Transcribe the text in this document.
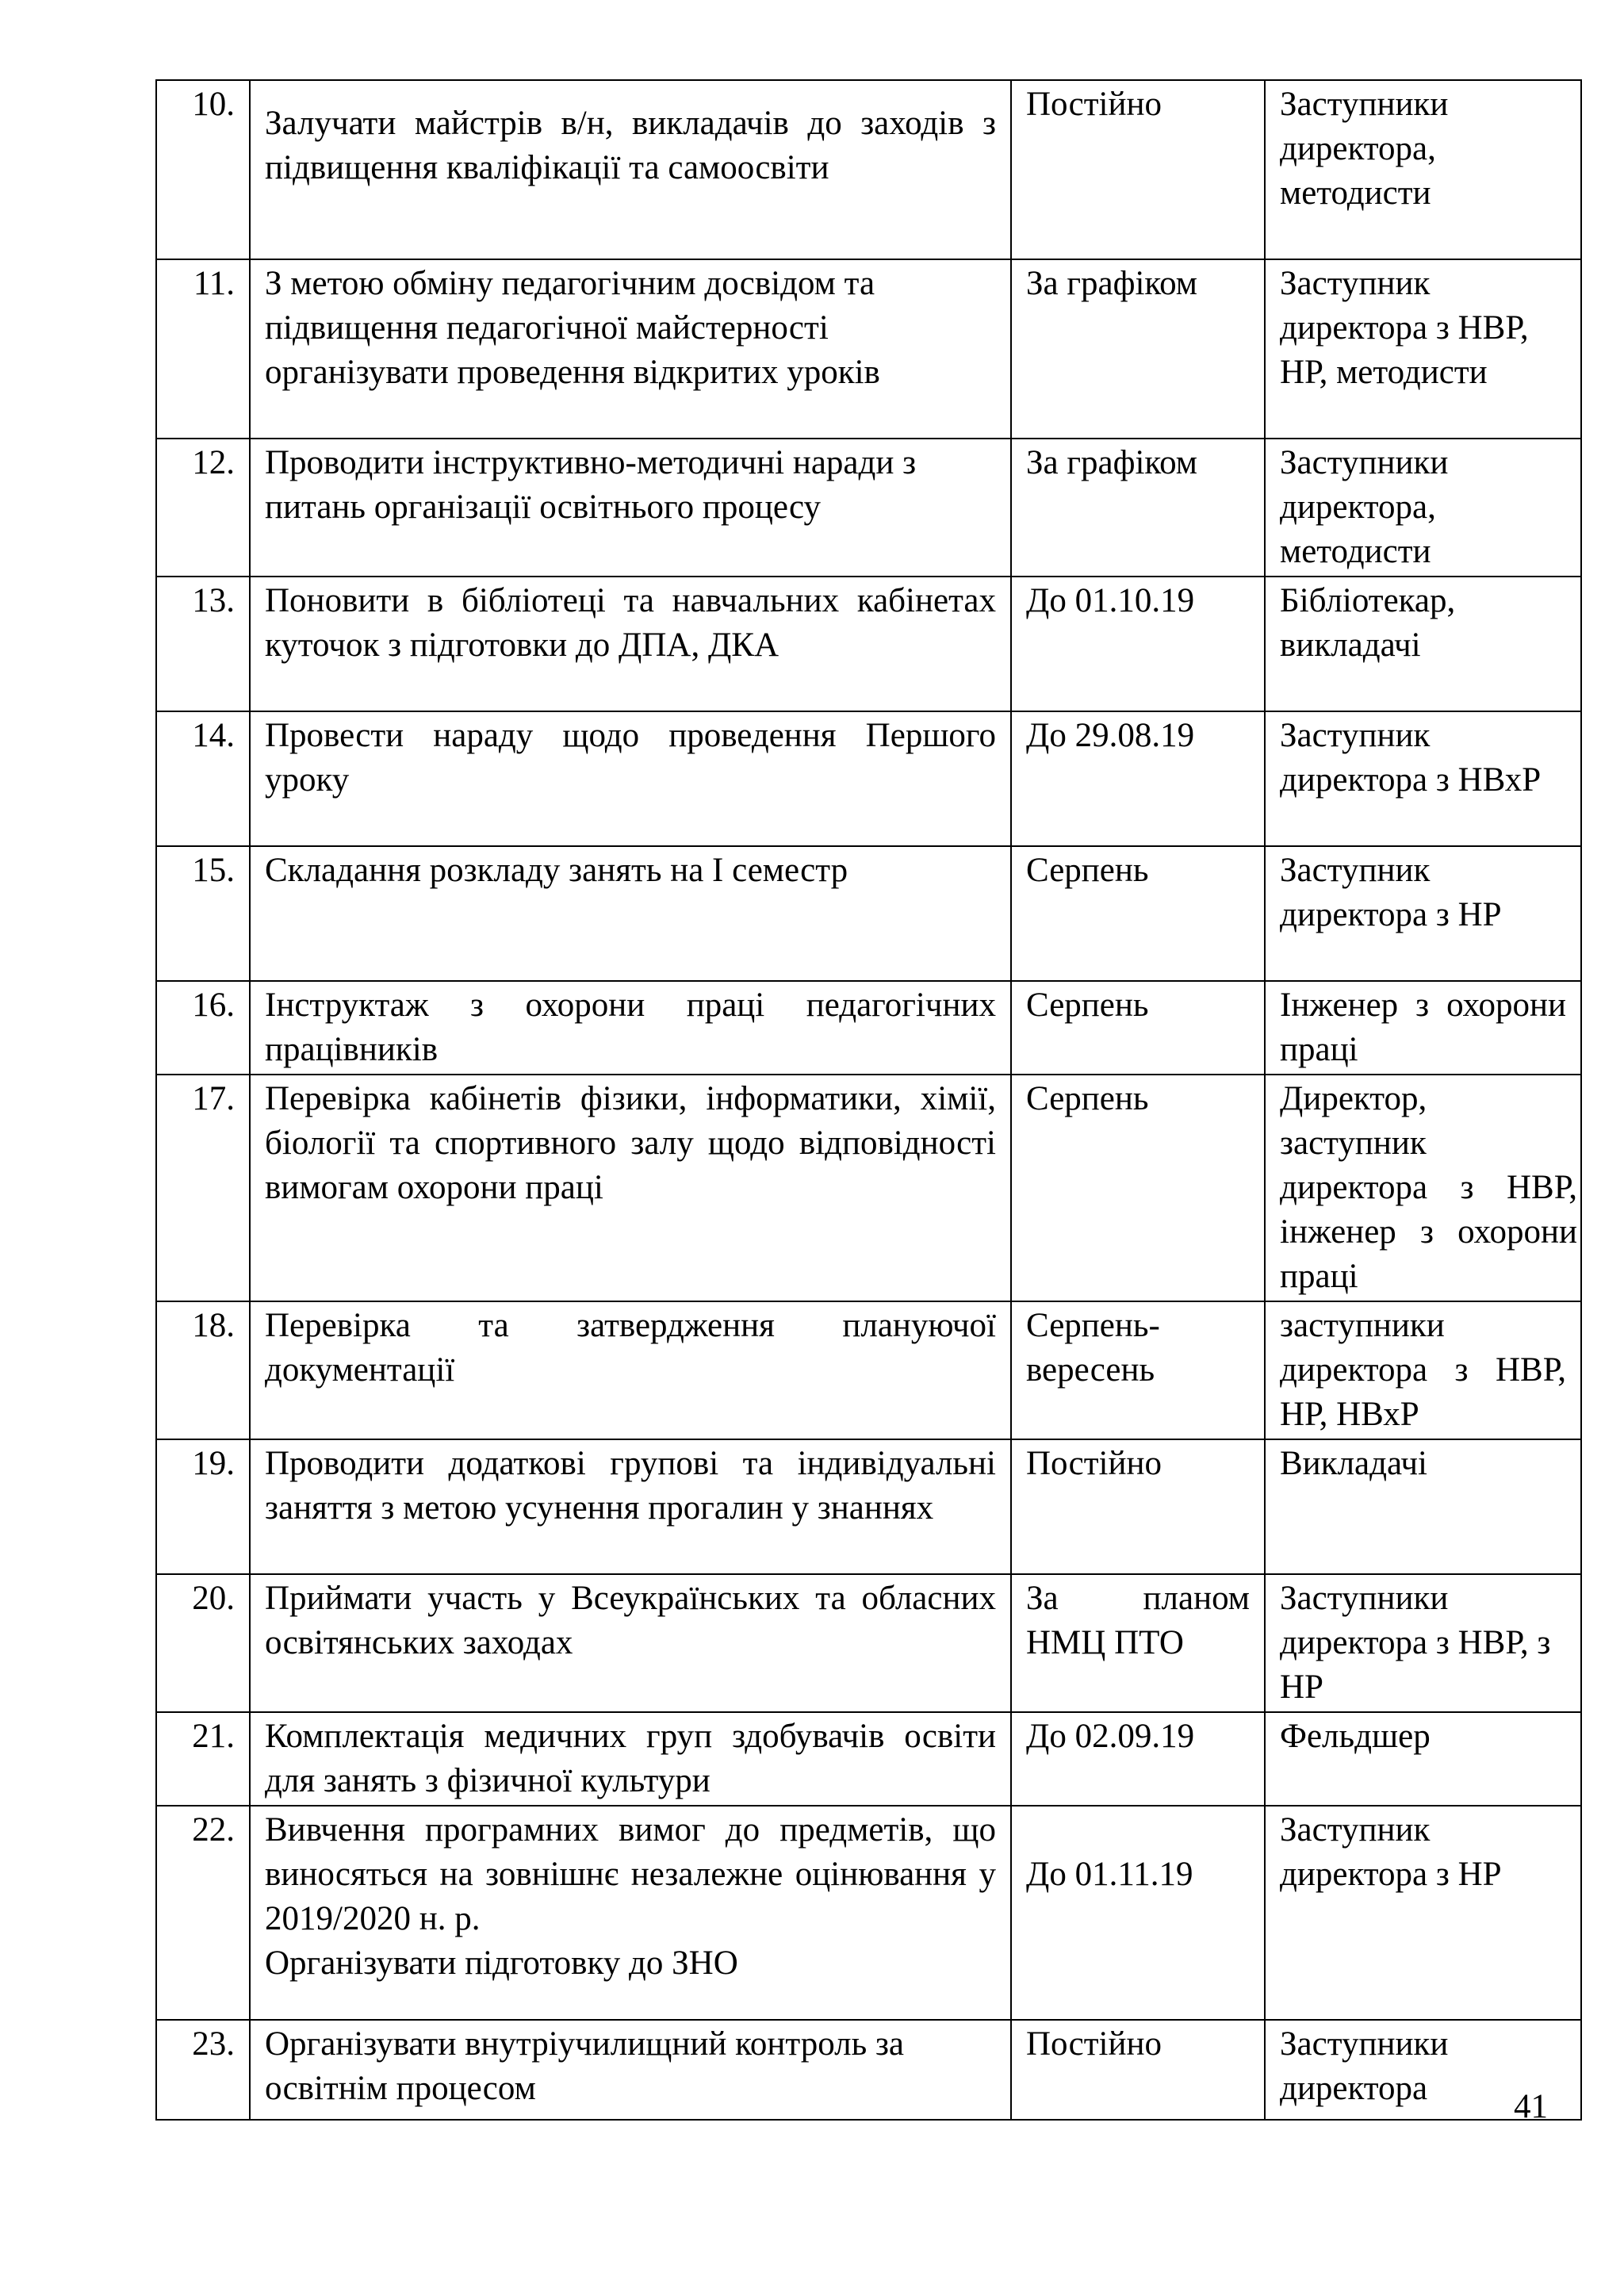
10.	Залучати майстрів в/н, викладачів до заходів з підвищення кваліфікації та самоосвіти	Постійно	Заступники директора, методисти
11.	З метою обміну педагогічним досвідом та підвищення педагогічної майстерності організувати проведення відкритих уроків	За графіком	Заступник директора з НВР, НР, методисти
12.	Проводити інструктивно-методичні наради з питань організації освітнього процесу	За графіком	Заступники директора, методисти
13.	Поновити в бібліотеці та навчальних кабінетах куточок з підготовки до ДПА, ДКА	До 01.10.19	Бібліотекар, викладачі
14.	Провести нараду щодо проведення Першого уроку	До 29.08.19	Заступник директора з НВхР
15.	Складання розкладу занять на І семестр	Серпень	Заступник директора з НР
16.	Інструктаж з охорони праці педагогічних працівників	Серпень	Інженер з охорони праці
17.	Перевірка кабінетів фізики, інформатики, хімії, біології та спортивного залу щодо відповідності вимогам охорони праці	Серпень	Директор, заступник директора з НВР, інженер з охорони праці
18.	Перевірка та затвердження плануючої документації	Серпень-вересень	заступники директора з НВР, НР, НВхР
19.	Проводити додаткові групові та індивідуальні заняття з метою усунення прогалин у знаннях	Постійно	Викладачі
20.	Приймати участь у Всеукраїнських та обласних освітянських заходах	За планом НМЦ ПТО	Заступники директора з НВР, з НР
21.	Комплектація медичних груп здобувачів освіти для занять з фізичної культури	До 02.09.19	Фельдшер
22.	Вивчення програмних вимог до предметів, що виносяться на зовнішнє незалежне оцінювання у 2019/2020 н. р.
Організувати підготовку до ЗНО	До 01.11.19	Заступник директора з НР
23.	Організувати внутріучилищний контроль за освітнім процесом	Постійно	Заступники директора	41
